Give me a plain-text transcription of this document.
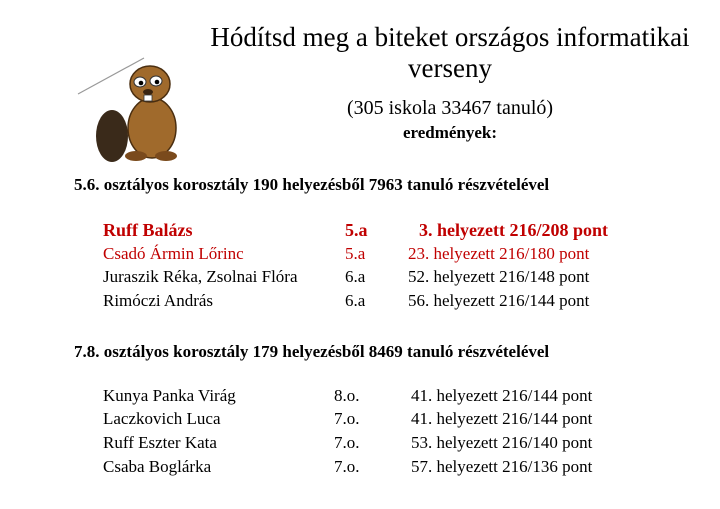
Hódítsd meg a biteket országos informatikai verseny
(305 iskola 33467 tanuló)
eredmények:
5.6. osztályos korosztály 190 helyezésből 7963 tanuló részvételével
Ruff Balázs	5.a	3. helyezett 216/208 pont
Csadó Ármin Lőrinc	5.a	23. helyezett 216/180 pont
Juraszik Réka, Zsolnai Flóra	6.a	52. helyezett 216/148 pont
Rimóczi András	6.a	56. helyezett 216/144 pont
7.8. osztályos korosztály 179 helyezésből 8469 tanuló részvételével
Kunya Panka Virág	8.o.	41. helyezett 216/144 pont
Laczkovich Luca	7.o.	41. helyezett 216/144 pont
Ruff Eszter Kata	7.o.	53. helyezett 216/140 pont
Csaba Boglárka	7.o.	57. helyezett 216/136 pont
